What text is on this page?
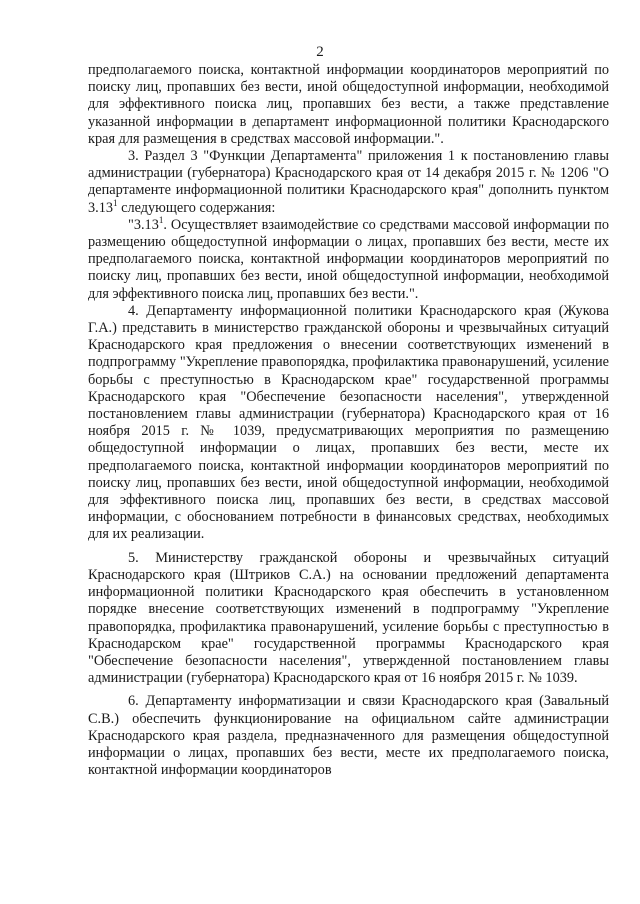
2

предполагаемого поиска, контактной информации координаторов мероприятий по поиску лиц, пропавших без вести, иной общедоступной информации, необходимой для эффективного поиска лиц, пропавших без вести, а также представление указанной информации в департамент информационной политики Краснодарского края для размещения в средствах массовой информации.".

3. Раздел 3 "Функции Департамента" приложения 1 к постановлению главы администрации (губернатора) Краснодарского края от 14 декабря 2015 г. № 1206 "О департаменте информационной политики Краснодарского края" дополнить пунктом 3.13$^1$ следующего содержания:

"3.13$^1$. Осуществляет взаимодействие со средствами массовой информации по размещению общедоступной информации о лицах, пропавших без вести, месте их предполагаемого поиска, контактной информации координаторов мероприятий по поиску лиц, пропавших без вести, иной общедоступной информации, необходимой для эффективного поиска лиц, пропавших без вести.".

4. Департаменту информационной политики Краснодарского края (Жукова Г.А.) представить в министерство гражданской обороны и чрезвычайных ситуаций Краснодарского края предложения о внесении соответствующих изменений в подпрограмму "Укрепление правопорядка, профилактика правонарушений, усиление борьбы с преступностью в Краснодарском крае" государственной программы Краснодарского края "Обеспечение безопасности населения", утвержденной постановлением главы администрации (губернатора) Краснодарского края от 16 ноября 2015 г. № 1039, предусматривающих мероприятия по размещению общедоступной информации о лицах, пропавших без вести, месте их предполагаемого поиска, контактной информации координаторов мероприятий по поиску лиц, пропавших без вести, иной общедоступной информации, необходимой для эффективного поиска лиц, пропавших без вести, в средствах массовой информации, с обоснованием потребности в финансовых средствах, необходимых для их реализации.

5. Министерству гражданской обороны и чрезвычайных ситуаций Краснодарского края (Штриков С.А.) на основании предложений департамента информационной политики Краснодарского края обеспечить в установленном порядке внесение соответствующих изменений в подпрограмму "Укрепление правопорядка, профилактика правонарушений, усиление борьбы с преступностью в Краснодарском крае" государственной программы Краснодарского края "Обеспечение безопасности населения", утвержденной постановлением главы администрации (губернатора) Краснодарского края от 16 ноября 2015 г. № 1039.

6. Департаменту информатизации и связи Краснодарского края (Завальный С.В.) обеспечить функционирование на официальном сайте администрации Краснодарского края раздела, предназначенного для размещения общедоступной информации о лицах, пропавших без вести, месте их предполагаемого поиска, контактной информации координаторов
